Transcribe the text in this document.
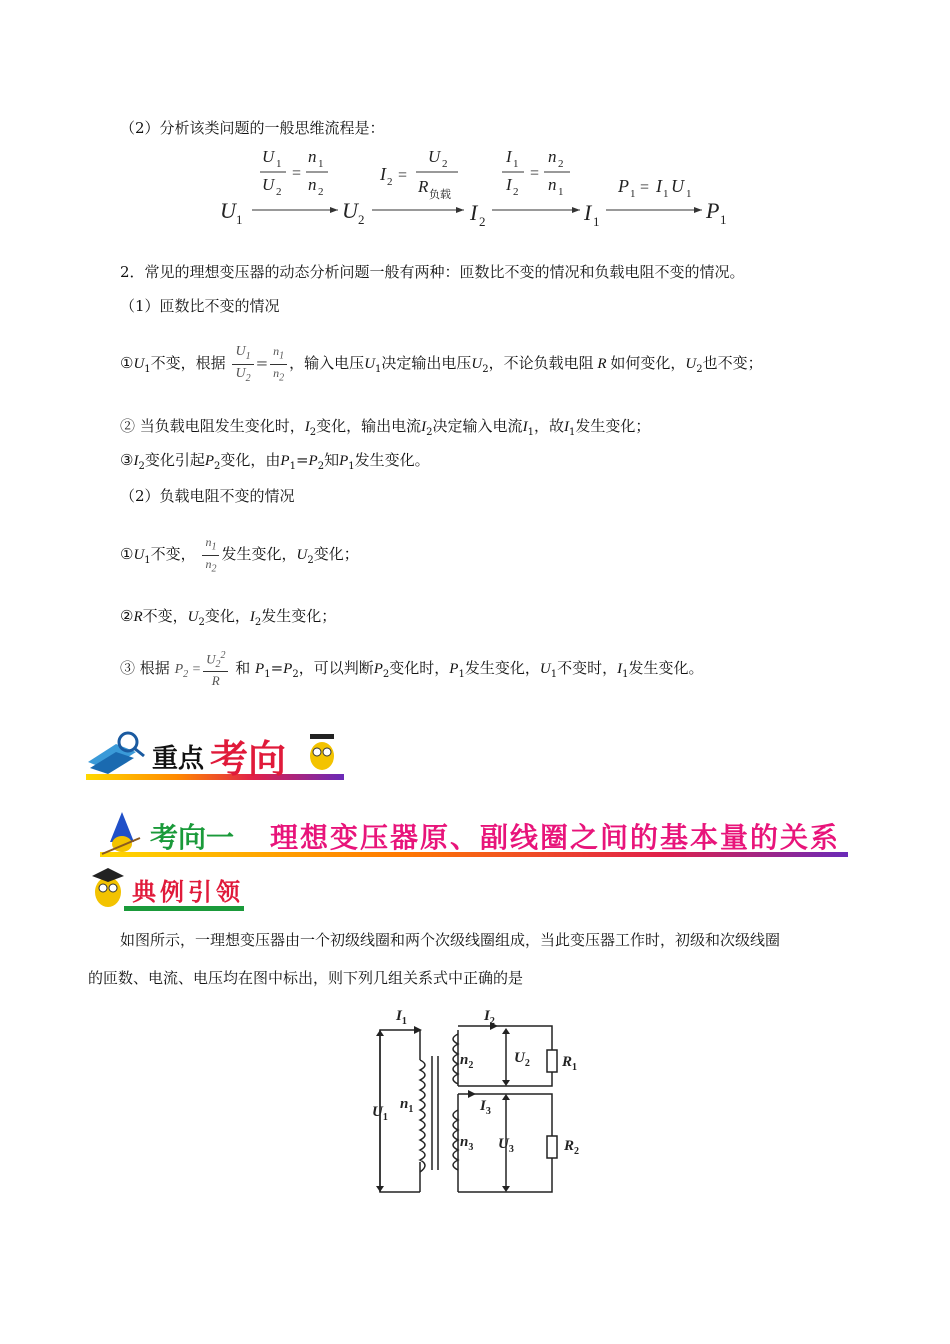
（2）分析该类问题的一般思维流程是：
U 1
U 1
U 2
=
n 1
n 2
U 2
I 2 =
U 2
R 负载
I 2
I 1
I 2
=
n 2
n 1
I 1
P 1 = I 1 U 1
P 1
2．常见的理想变压器的动态分析问题一般有两种：匝数比不变的情况和负载电阻不变的情况。
（1）匝数比不变的情况
$①U_1$不变，根据 $\frac{U_1}{U_2} = \frac{n_1}{n_2}$ ，输入电压$U_1$决定输出电压$U_2$，不论负载电阻 R 如何变化，$U_2$也不变；
② 当负载电阻发生变化时，$I_2$变化，输出电流$I_2$决定输入电流$I_1$，故$I_1$发生变化；
$③I_2$变化引起$P_2$变化，由$P_1=P_2$知$P_1$发生变化。
（2）负载电阻不变的情况
$①U_1$不变， $\frac{n_1}{n_2}$ 发生变化，$U_2$变化；
②R不变，$U_2$变化，$I_2$发生变化；
③ 根据 $P_2 = \frac{U_2^2}{R}$ 和 $P_1=P_2$，可以判断$P_2$变化时，$P_1$发生变化，$U_1$不变时，$I_1$发生变化。
重点 考向
考向一 理想变压器原、副线圈之间的基本量的关系
典例引领
如图所示，一理想变压器由一个初级线圈和两个次级线圈组成，当此变压器工作时，初级和次级线圈
的匝数、电流、电压均在图中标出，则下列几组关系式中正确的是
$I_1$	$I_2$
$I_3$
$U_1$
$U_2$
$U_3$
$n_1$
$n_2$
$n_3$
$R_1$
$R_2$
